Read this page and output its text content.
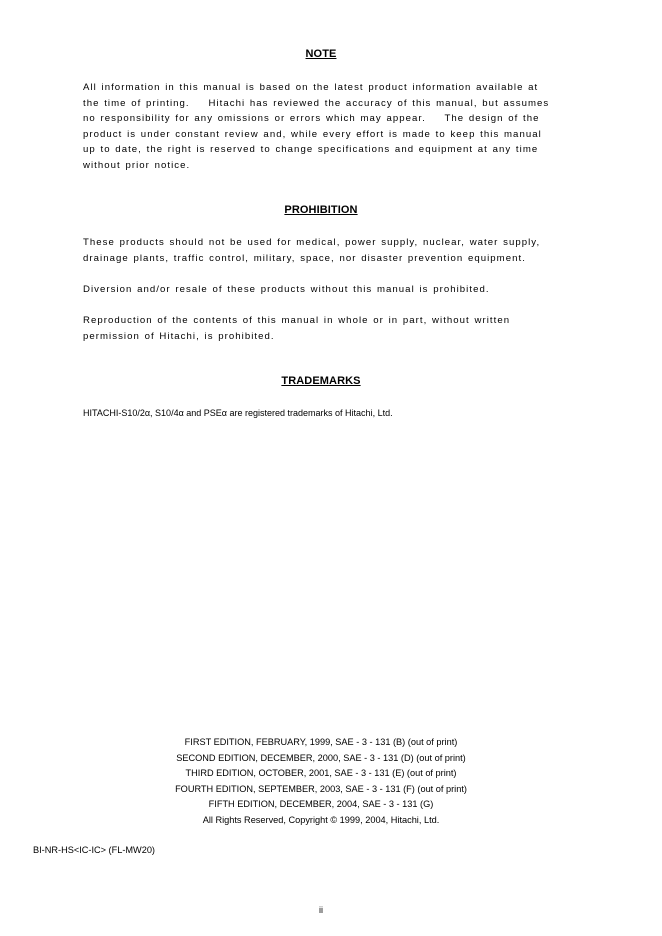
NOTE
All information in this manual is based on the latest product information available at
the time of printing.    Hitachi has reviewed the accuracy of this manual, but assumes
no responsibility for any omissions or errors which may appear.    The design of the
product is under constant review and, while every effort is made to keep this manual
up to date, the right is reserved to change specifications and equipment at any time
without prior notice.
PROHIBITION
These products should not be used for medical, power supply, nuclear, water supply,
drainage plants, traffic control, military, space, nor disaster prevention equipment.
Diversion and/or resale of these products without this manual is prohibited.
Reproduction of the contents of this manual in whole or in part, without written
permission of Hitachi, is prohibited.
TRADEMARKS
HITACHI-S10/2α, S10/4α and PSEα are registered trademarks of Hitachi, Ltd.
FIRST EDITION, FEBRUARY, 1999, SAE - 3 - 131 (B) (out of print)
SECOND EDITION, DECEMBER, 2000, SAE - 3 - 131 (D) (out of print)
THIRD EDITION, OCTOBER, 2001, SAE - 3 - 131 (E) (out of print)
FOURTH EDITION, SEPTEMBER, 2003, SAE - 3 - 131 (F) (out of print)
FIFTH EDITION, DECEMBER, 2004, SAE - 3 - 131 (G)
All Rights Reserved, Copyright © 1999, 2004, Hitachi, Ltd.
BI-NR-HS<IC-IC> (FL-MW20)
ii
